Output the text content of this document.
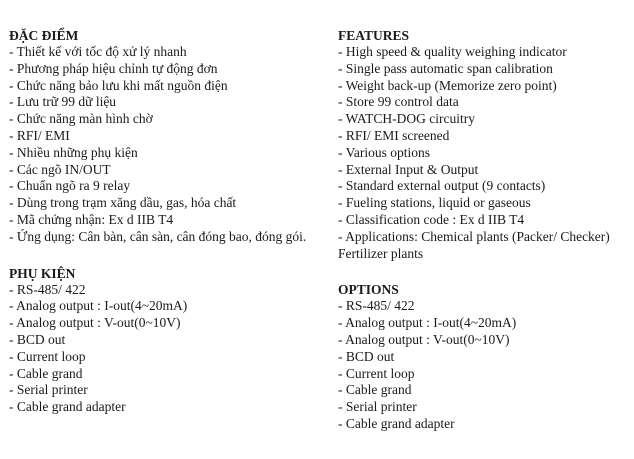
ĐẶC ĐIỂM
- Thiết kế với tốc độ xử lý nhanh
- Phương pháp hiệu chỉnh tự động đơn
- Chức năng bảo lưu khi mất nguồn điện
- Lưu trữ 99 dữ liệu
- Chức năng màn hình chờ
- RFI/ EMI
- Nhiều những phụ kiện
- Các ngõ IN/OUT
- Chuẩn ngõ ra 9 relay
- Dùng trong trạm xăng dầu, gas, hóa chất
- Mã chứng nhận: Ex d IIB T4
- Ứng dụng: Cân bàn, cân sàn, cân đóng bao, đóng gói.
PHỤ KIỆN
- RS-485/ 422
- Analog output : I-out(4~20mA)
- Analog output : V-out(0~10V)
- BCD out
- Current loop
- Cable grand
- Serial printer
- Cable grand adapter
FEATURES
- High speed & quality weighing indicator
- Single pass automatic span calibration
- Weight back-up (Memorize zero point)
- Store 99 control data
- WATCH-DOG circuitry
- RFI/ EMI screened
- Various options
- External Input & Output
- Standard external output (9 contacts)
- Fueling stations, liquid or gaseous
- Classification code : Ex d IIB T4
- Applications: Chemical plants (Packer/ Checker) Fertilizer plants
OPTIONS
- RS-485/ 422
- Analog output : I-out(4~20mA)
- Analog output : V-out(0~10V)
- BCD out
- Current loop
- Cable grand
- Serial printer
- Cable grand adapter
